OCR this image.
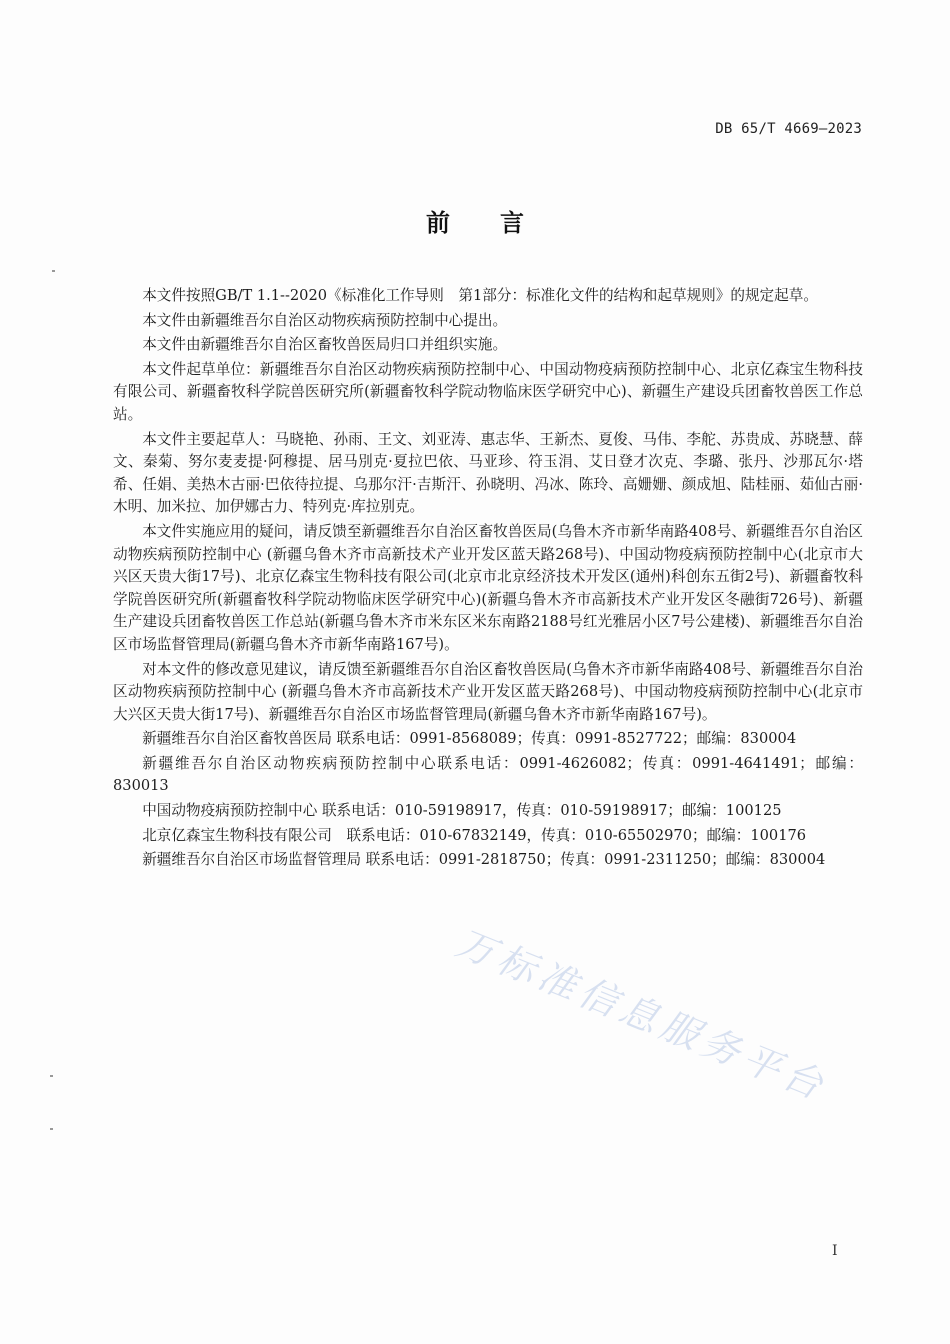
DB 65/T 4669—2023
前言

本文件按照GB/T 1.1--2020《标准化工作导则　第1部分：标准化文件的结构和起草规则》的规定起草。

本文件由新疆维吾尔自治区动物疾病预防控制中心提出。

本文件由新疆维吾尔自治区畜牧兽医局归口并组织实施。

本文件起草单位：新疆维吾尔自治区动物疾病预防控制中心、中国动物疫病预防控制中心、北京亿森宝生物科技有限公司、新疆畜牧科学院兽医研究所(新疆畜牧科学院动物临床医学研究中心)、新疆生产建设兵团畜牧兽医工作总站。

本文件主要起草人：马晓艳、孙雨、王文、刘亚涛、惠志华、王新杰、夏俊、马伟、李舵、苏贵成、苏晓慧、薛文、秦菊、努尔麦麦提·阿穆提、居马別克·夏拉巴依、马亚珍、符玉涓、艾日登才次克、李璐、张丹、沙那瓦尔·塔希、任娟、美热木古丽·巴依待拉提、乌那尔汗·吉斯汗、孙晓明、冯冰、陈玲、高姗姗、颜成旭、陆桂丽、茹仙古丽·木明、加米拉、加伊娜古力、特列克·库拉别克。

本文件实施应用的疑问，请反馈至新疆维吾尔自治区畜牧兽医局(乌鲁木齐市新华南路408号、新疆维吾尔自治区动物疾病预防控制中心 (新疆乌鲁木齐市高新技术产业开发区蓝天路268号)、中国动物疫病预防控制中心(北京市大兴区天贵大街17号)、北京亿森宝生物科技有限公司(北京市北京经济技术开发区(通州)科创东五街2号)、新疆畜牧科学院兽医研究所(新疆畜牧科学院动物临床医学研究中心)(新疆乌鲁木齐市高新技术产业开发区冬融街726号)、新疆生产建设兵团畜牧兽医工作总站(新疆乌鲁木齐市米东区米东南路2188号红光雅居小区7号公建楼)、新疆维吾尔自治区市场监督管理局(新疆乌鲁木齐市新华南路167号)。

对本文件的修改意见建议，请反馈至新疆维吾尔自治区畜牧兽医局(乌鲁木齐市新华南路408号、新疆维吾尔自治区动物疾病预防控制中心 (新疆乌鲁木齐市高新技术产业开发区蓝天路268号)、中国动物疫病预防控制中心(北京市大兴区天贵大街17号)、新疆维吾尔自治区市场监督管理局(新疆乌鲁木齐市新华南路167号)。

新疆维吾尔自治区畜牧兽医局 联系电话：0991-8568089；传真：0991-8527722；邮编：830004

新疆维吾尔自治区动物疾病预防控制中心联系电话：0991-4626082；传真：0991-4641491；邮编：830013

中国动物疫病预防控制中心 联系电话：010-59198917，传真：010-59198917；邮编：100125

北京亿森宝生物科技有限公司　联系电话：010-67832149，传真：010-65502970；邮编：100176

新疆维吾尔自治区市场监督管理局 联系电话：0991-2818750；传真：0991-2311250；邮编：830004

万标准信息服务平台
I
